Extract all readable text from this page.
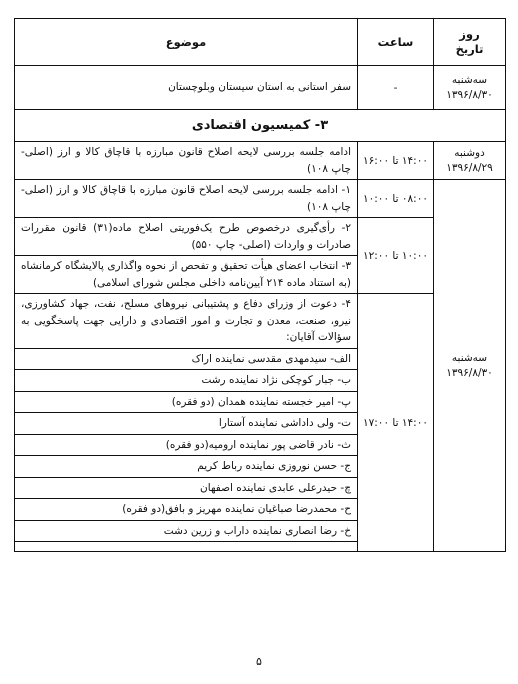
روز
تاریخ	ساعت	موضوع

سه‌شنبه
۱۳۹۶/۸/۳۰	-	سفر استانی به استان سیستان وبلوچستان
۳- کمیسیون اقتصادی		

دوشنبه
۱۳۹۶/۸/۲۹	۱۴:۰۰ تا ۱۶:۰۰	ادامه جلسه بررسی لایحه اصلاح قانون مبارزه با قاچاق کالا و ارز (اصلی- چاپ ۱۰۸)

سه‌شنبه
۱۳۹۶/۸/۳۰	۰۸:۰۰ تا ۱۰:۰۰	۱- ادامه جلسه بررسی لایحه اصلاح قانون مبارزه با قاچاق کالا و ارز (اصلی- چاپ ۱۰۸)
	۱۰:۰۰ تا ۱۲:۰۰	۲- رأی‌گیری درخصوص طرح یک‌فوریتی اصلاح ماده(۳۱) قانون مقررات صادرات و واردات (اصلی- چاپ ۵۵۰)
		۳- انتخاب اعضای هیأت تحقیق و تفحص از نحوه واگذاری پالایشگاه کرمانشاه (به استناد ماده ۲۱۴ آیین‌نامه داخلی مجلس شورای اسلامی)
	۱۴:۰۰ تا ۱۷:۰۰	۴- دعوت از وزرای دفاع و پشتیبانی نیروهای مسلح، نفت، جهاد کشاورزی، نیرو، صنعت، معدن و تجارت و امور اقتصادی و دارایی جهت پاسخگویی به سؤالات آقایان:
		الف- سیدمهدی مقدسی نماینده اراک
		ب- جبار کوچکی نژاد نماینده رشت
		پ- امیر خجسته نماینده همدان (دو فقره)
		ت- ولی داداشی نماینده آستارا
		ث- نادر قاضی پور نماینده ارومیه(دو فقره)
		ج- حسن نوروزی نماینده رباط کریم
		چ- حیدرعلی عابدی نماینده اصفهان
		ح- محمدرضا صباغیان نماینده مهریز و بافق(دو فقره)
		خ- رضا انصاری نماینده داراب و زرین دشت

۵
